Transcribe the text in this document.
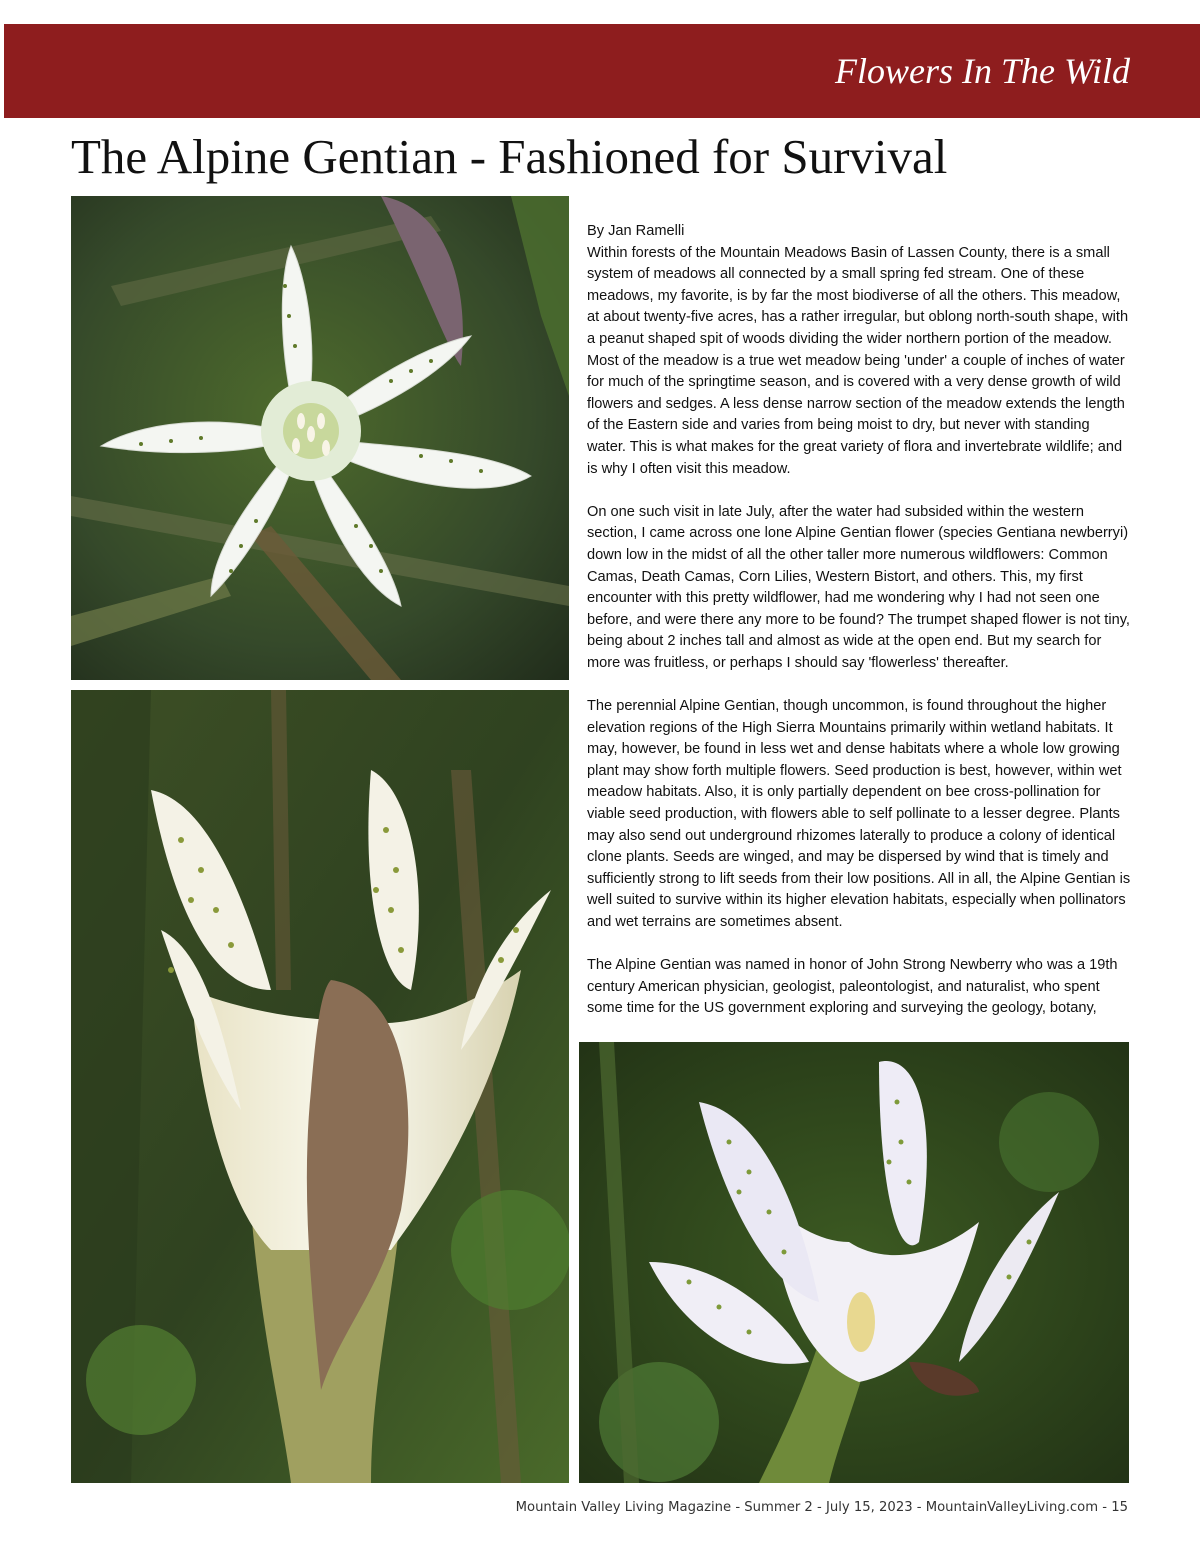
Flowers In The Wild
The Alpine Gentian - Fashioned for Survival

By Jan Ramelli

Within forests of the Mountain Meadows Basin of Lassen County, there is a small system of meadows all connected by a small spring fed stream. One of these meadows, my favorite, is by far the most biodiverse of all the others. This meadow, at about twenty-five acres, has a rather irregular, but oblong north-south shape, with a peanut shaped spit of woods dividing the wider northern portion of the meadow. Most of the meadow is a true wet meadow being 'under' a couple of inches of water for much of the springtime season, and is covered with a very dense growth of wild flowers and sedges. A less dense narrow section of the meadow extends the length of the Eastern side and varies from being moist to dry, but never with standing water. This is what makes for the great variety of flora and invertebrate wildlife; and is why I often visit this meadow.

On one such visit in late July, after the water had subsided within the western section, I came across one lone Alpine Gentian flower (species Gentiana newberryi) down low in the midst of all the other taller more numerous wildflowers: Common Camas, Death Camas, Corn Lilies, Western Bistort, and others. This, my first encounter with this pretty wildflower, had me wondering why I had not seen one before, and were there any more to be found? The trumpet shaped flower is not tiny, being about 2 inches tall and almost as wide at the open end. But my search for more was fruitless, or perhaps I should say 'flowerless' thereafter.

The perennial Alpine Gentian, though uncommon, is found throughout the higher elevation regions of the High Sierra Mountains primarily within wetland habitats. It may, however, be found in less wet and dense habitats where a whole low growing plant may show forth multiple flowers. Seed production is best, however, within wet meadow habitats. Also, it is only partially dependent on bee cross-pollination for viable seed production, with flowers able to self pollinate to a lesser degree. Plants may also send out underground rhizomes laterally to produce a colony of identical clone plants. Seeds are winged, and may be dispersed by wind that is timely and sufficiently strong to lift seeds from their low positions. All in all, the Alpine Gentian is well suited to survive within its higher elevation habitats, especially when pollinators and wet terrains are sometimes absent.

The Alpine Gentian was named in honor of John Strong Newberry who was a 19th century American physician, geologist, paleontologist, and naturalist, who spent some time for the US government exploring and surveying the geology, botany,

Mountain Valley Living Magazine - Summer 2 - July 15, 2023 - MountainValleyLiving.com - 15
